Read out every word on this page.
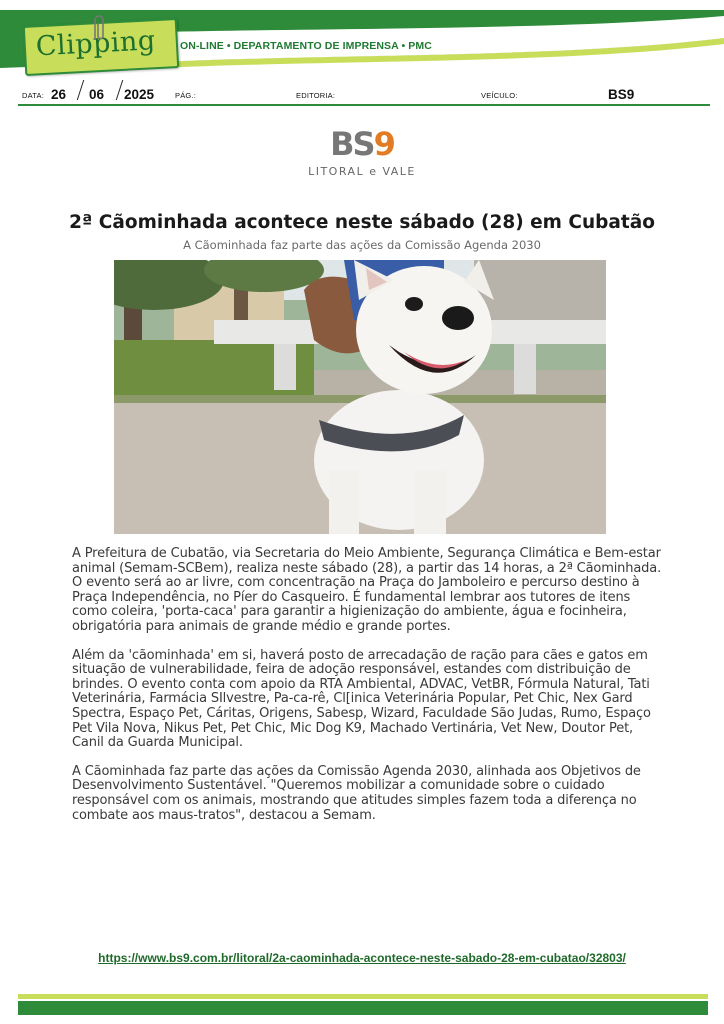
Clipping ON-LINE • DEPARTAMENTO DE IMPRENSA • PMC
DATA: 26 06 2025	PÁG.:	EDITORIA:	VEÍCULO:	BS9
BS9
LITORAL e VALE
2ª Cãominhada acontece neste sábado (28) em Cubatão
A Cãominhada faz parte das ações da Comissão Agenda 2030

A Prefeitura de Cubatão, via Secretaria do Meio Ambiente, Segurança Climática e Bem-estar animal (Semam-SCBem), realiza neste sábado (28), a partir das 14 horas, a 2ª Cãominhada. O evento será ao ar livre, com concentração na Praça do Jamboleiro e percurso destino à Praça Independência, no Píer do Casqueiro. É fundamental lembrar aos tutores de itens como coleira, 'porta-caca' para garantir a higienização do ambiente, água e focinheira, obrigatória para animais de grande médio e grande portes.

Além da 'cãominhada' em si, haverá posto de arrecadação de ração para cães e gatos em situação de vulnerabilidade, feira de adoção responsável, estandes com distribuição de brindes. O evento conta com apoio da RTA Ambiental, ADVAC, VetBR, Fórmula Natural, Tati Veterinária, Farmácia SIlvestre, Pa-ca-rê, Cl[inica Veterinária Popular, Pet Chic, Nex Gard Spectra, Espaço Pet, Cáritas, Origens, Sabesp, Wizard, Faculdade São Judas, Rumo, Espaço Pet Vila Nova, Nikus Pet, Pet Chic, Mic Dog K9, Machado Vertinária, Vet New, Doutor Pet, Canil da Guarda Municipal.

A Cãominhada faz parte das ações da Comissão Agenda 2030, alinhada aos Objetivos de Desenvolvimento Sustentável. "Queremos mobilizar a comunidade sobre o cuidado responsável com os animais, mostrando que atitudes simples fazem toda a diferença no combate aos maus-tratos", destacou a Semam.

https://www.bs9.com.br/litoral/2a-caominhada-acontece-neste-sabado-28-em-cubatao/32803/
